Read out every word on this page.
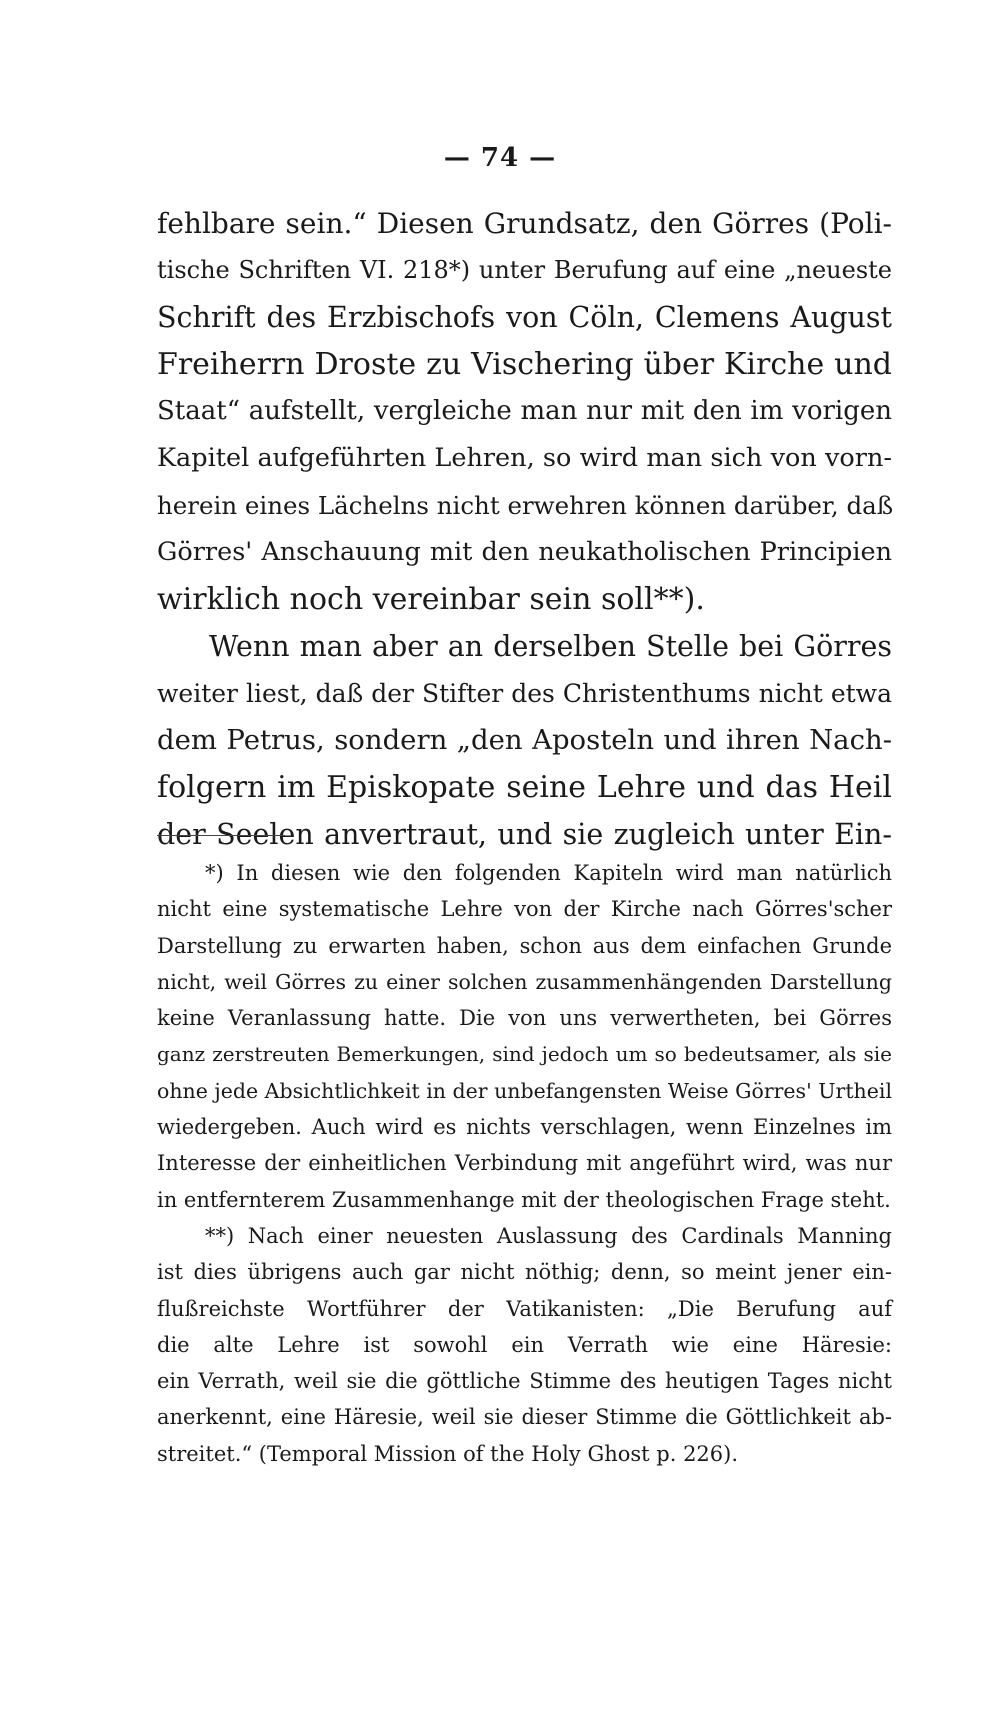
— 74 —
fehlbare sein.“ Diesen Grundsatz, den Görres (Poli-
tische Schriften VI. 218*) unter Berufung auf eine „neueste
Schrift des Erzbischofs von Cöln, Clemens August
Freiherrn Droste zu Vischering über Kirche und
Staat“ aufstellt, vergleiche man nur mit den im vorigen
Kapitel aufgeführten Lehren, so wird man sich von vorn-
herein eines Lächelns nicht erwehren können darüber, daß
Görres' Anschauung mit den neukatholischen Principien
wirklich noch vereinbar sein soll**).
Wenn man aber an derselben Stelle bei Görres
weiter liest, daß der Stifter des Christenthums nicht etwa
dem Petrus, sondern „den Aposteln und ihren Nach-
folgern im Episkopate seine Lehre und das Heil
der Seelen anvertraut, und sie zugleich unter Ein-
*) In diesen wie den folgenden Kapiteln wird man natürlich
nicht eine systematische Lehre von der Kirche nach Görres'scher
Darstellung zu erwarten haben, schon aus dem einfachen Grunde
nicht, weil Görres zu einer solchen zusammenhängenden Darstellung
keine Veranlassung hatte. Die von uns verwertheten, bei Görres
ganz zerstreuten Bemerkungen, sind jedoch um so bedeutsamer, als sie
ohne jede Absichtlichkeit in der unbefangensten Weise Görres' Urtheil
wiedergeben. Auch wird es nichts verschlagen, wenn Einzelnes im
Interesse der einheitlichen Verbindung mit angeführt wird, was nur
in entfernterem Zusammenhange mit der theologischen Frage steht.
**) Nach einer neuesten Auslassung des Cardinals Manning
ist dies übrigens auch gar nicht nöthig; denn, so meint jener ein-
flußreichste Wortführer der Vatikanisten: „Die Berufung auf
die alte Lehre ist sowohl ein Verrath wie eine Häresie:
ein Verrath, weil sie die göttliche Stimme des heutigen Tages nicht
anerkennt, eine Häresie, weil sie dieser Stimme die Göttlichkeit ab-
streitet.“ (Temporal Mission of the Holy Ghost p. 226).
